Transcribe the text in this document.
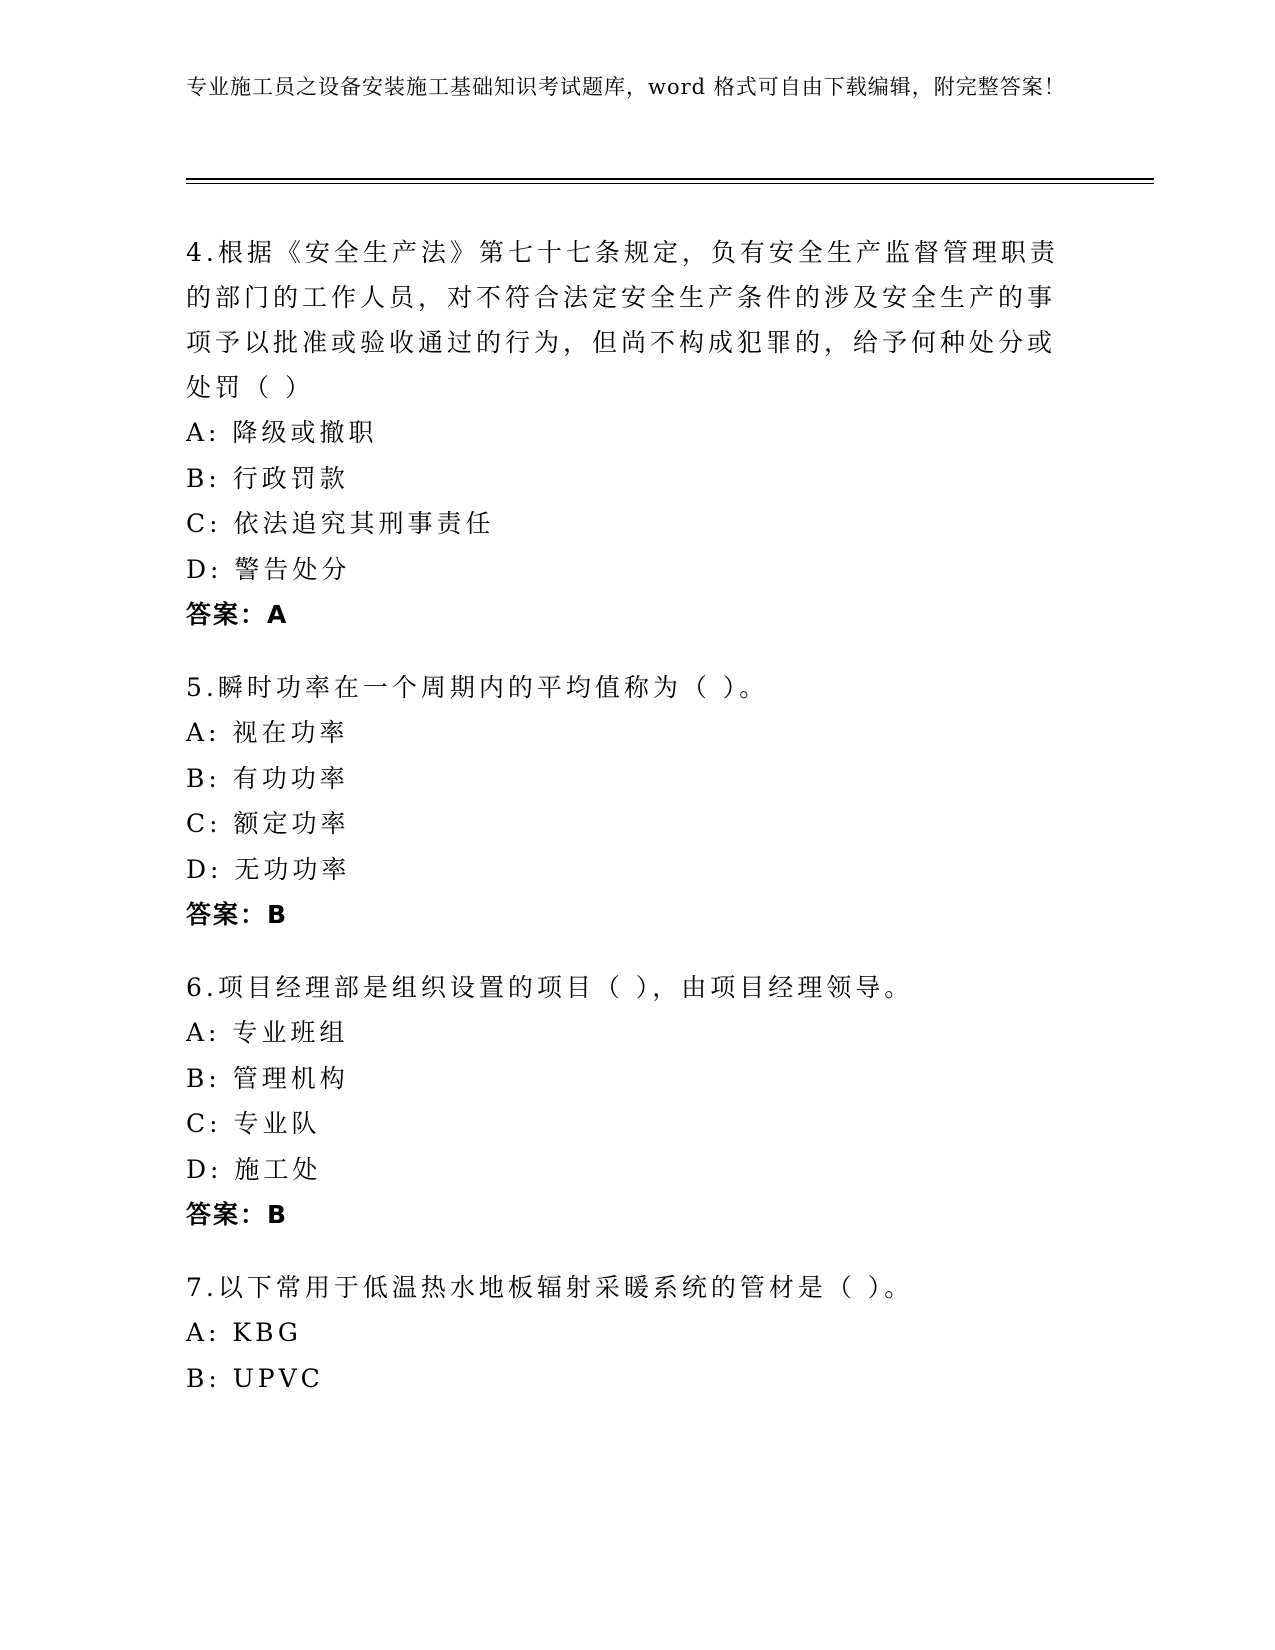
专业施工员之设备安装施工基础知识考试题库，word 格式可自由下载编辑，附完整答案！
4.根据《安全生产法》第七十七条规定，负有安全生产监督管理职责的部门的工作人员，对不符合法定安全生产条件的涉及安全生产的事项予以批准或验收通过的行为，但尚不构成犯罪的，给予何种处分或处罚（ ）
A: 降级或撤职
B: 行政罚款
C: 依法追究其刑事责任
D: 警告处分
答案：A
5.瞬时功率在一个周期内的平均值称为（ ）。
A: 视在功率
B: 有功功率
C: 额定功率
D: 无功功率
答案：B
6.项目经理部是组织设置的项目（ ），由项目经理领导。
A: 专业班组
B: 管理机构
C: 专业队
D: 施工处
答案：B
7.以下常用于低温热水地板辐射采暖系统的管材是（ ）。
A: KBG
B: UPVC
